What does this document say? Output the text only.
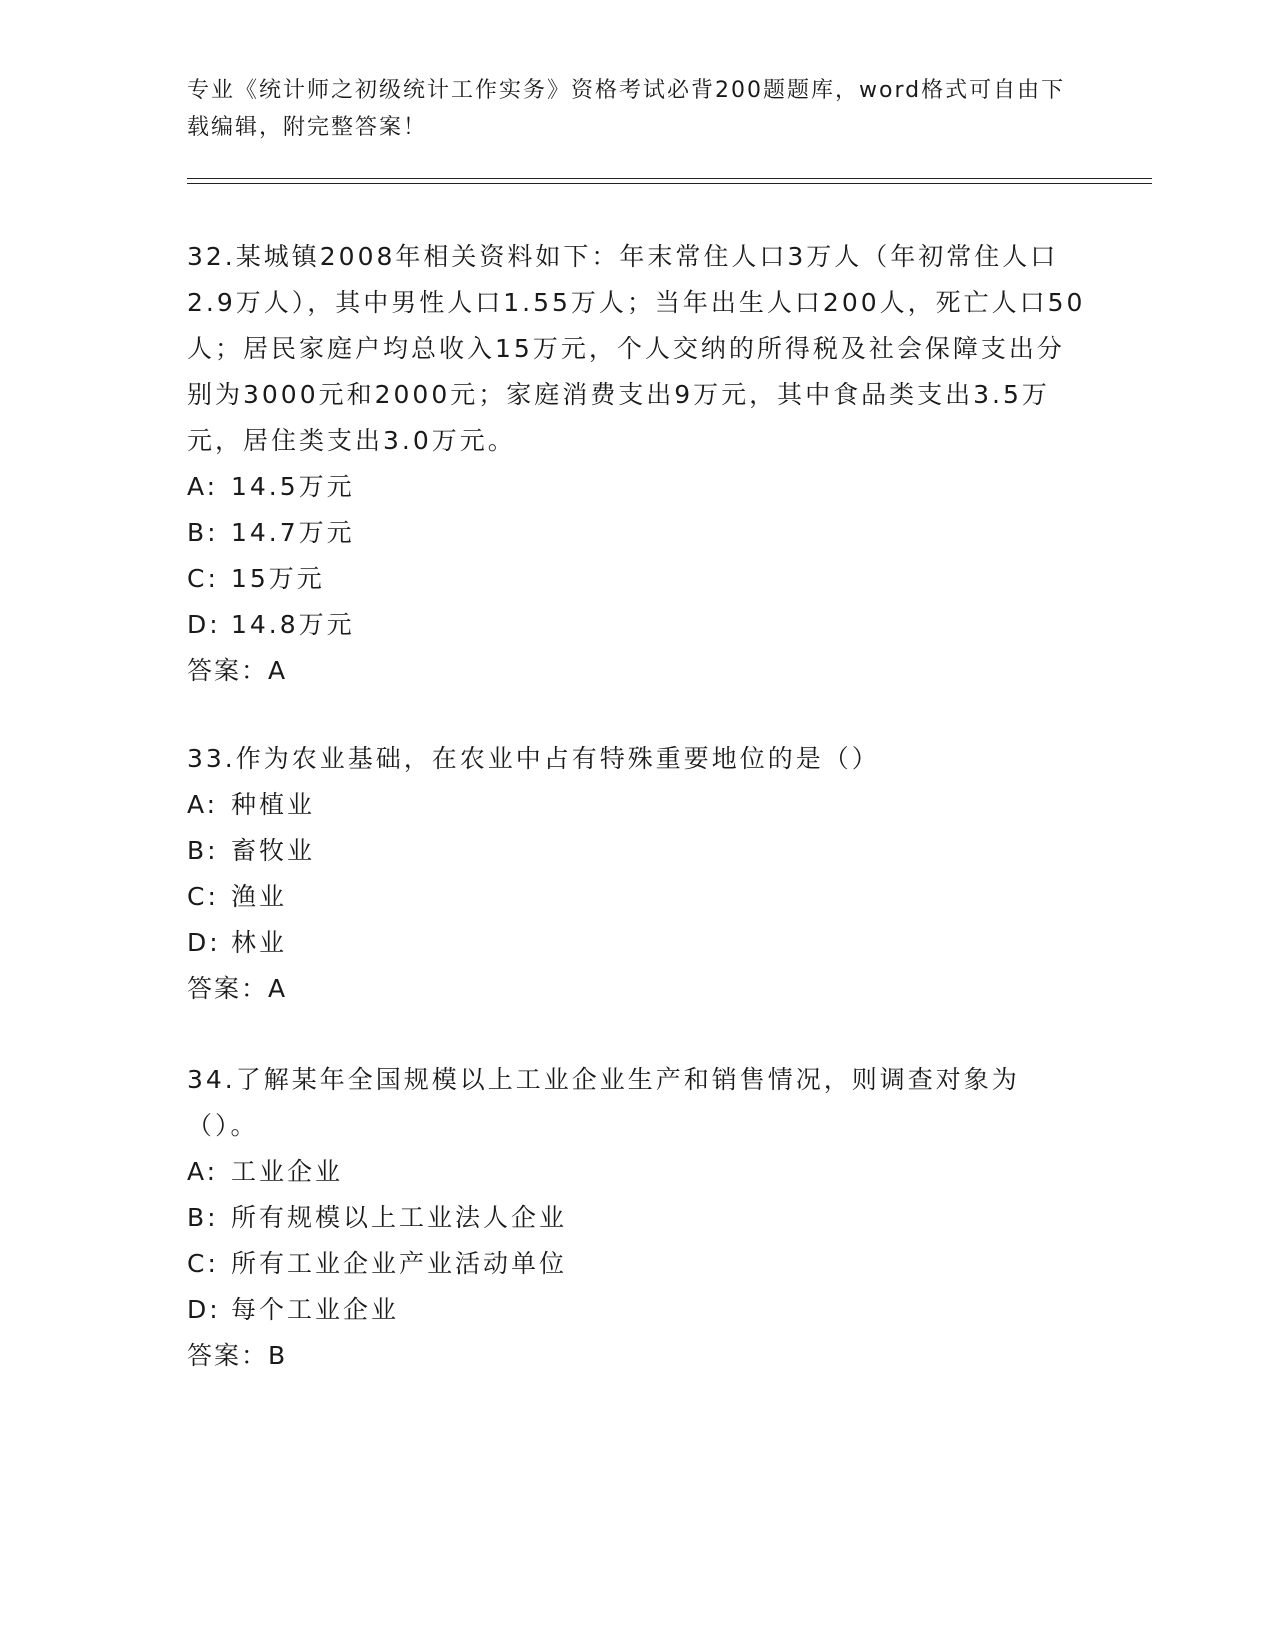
专业《统计师之初级统计工作实务》资格考试必背200题题库，word格式可自由下载编辑，附完整答案！

32.某城镇2008年相关资料如下：年末常住人口3万人（年初常住人口2.9万人），其中男性人口1.55万人；当年出生人口200人，死亡人口50人；居民家庭户均总收入15万元，个人交纳的所得税及社会保障支出分别为3000元和2000元；家庭消费支出9万元，其中食品类支出3.5万元，居住类支出3.0万元。

A: 14.5万元

B: 14.7万元

C: 15万元

D: 14.8万元

答案：A

33.作为农业基础，在农业中占有特殊重要地位的是（）

A: 种植业

B: 畜牧业

C: 渔业

D: 林业

答案：A

34.了解某年全国规模以上工业企业生产和销售情况，则调查对象为（）。

A: 工业企业

B: 所有规模以上工业法人企业

C: 所有工业企业产业活动单位

D: 每个工业企业

答案：B
